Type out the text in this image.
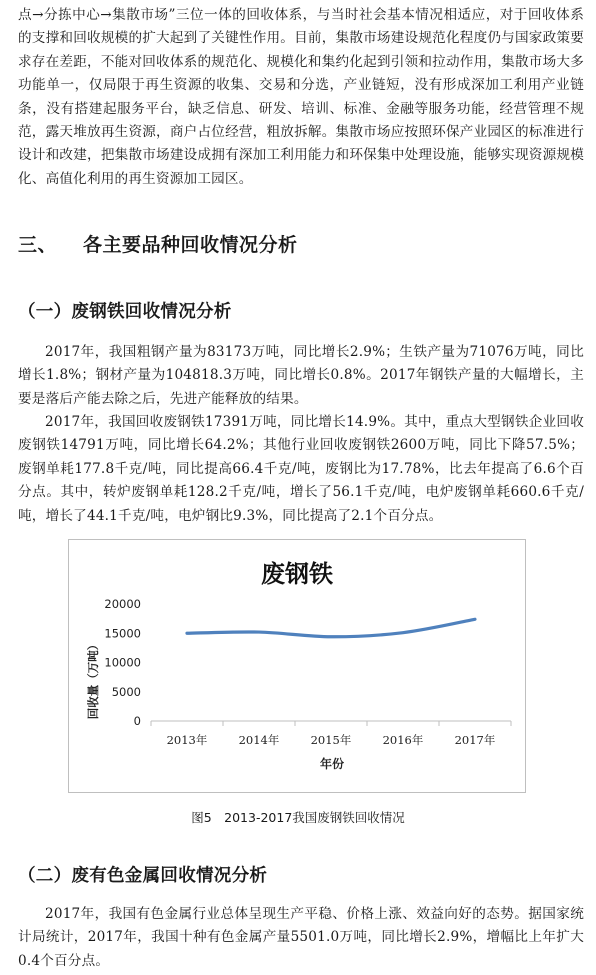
点→分拣中心→集散市场”三位一体的回收体系，与当时社会基本情况相适应，对于回收体系的支撑和回收规模的扩大起到了关键性作用。目前，集散市场建设规范化程度仍与国家政策要求存在差距，不能对回收体系的规范化、规模化和集约化起到引领和拉动作用，集散市场大多功能单一，仅局限于再生资源的收集、交易和分选，产业链短，没有形成深加工利用产业链条，没有搭建起服务平台，缺乏信息、研发、培训、标准、金融等服务功能，经营管理不规范，露天堆放再生资源，商户占位经营，粗放拆解。集散市场应按照环保产业园区的标准进行设计和改建，把集散市场建设成拥有深加工利用能力和环保集中处理设施，能够实现资源规模化、高值化利用的再生资源加工园区。

三、 各主要品种回收情况分析
（一）废钢铁回收情况分析

2017年，我国粗钢产量为83173万吨，同比增长2.9%；生铁产量为71076万吨，同比增长1.8%；钢材产量为104818.3万吨，同比增长0.8%。2017年钢铁产量的大幅增长，主要是落后产能去除之后，先进产能释放的结果。

2017年，我国回收废钢铁17391万吨，同比增长14.9%。其中，重点大型钢铁企业回收废钢铁14791万吨，同比增长64.2%；其他行业回收废钢铁2600万吨，同比下降57.5%；废钢单耗177.8千克/吨，同比提高66.4千克/吨，废钢比为17.78%，比去年提高了6.6个百分点。其中，转炉废钢单耗128.2千克/吨，增长了56.1千克/吨，电炉废钢单耗660.6千克/吨，增长了44.1千克/吨，电炉钢比9.3%，同比提高了2.1个百分点。

废钢铁
回收量（万吨）
年份
0
5000
10000
15000
20000
2013年	2014年	2015年	2016年	2017年

图5　2013-2017我国废钢铁回收情况

（二）废有色金属回收情况分析

2017年，我国有色金属行业总体呈现生产平稳、价格上涨、效益向好的态势。据国家统计局统计，2017年，我国十种有色金属产量5501.0万吨，同比增长2.9%，增幅比上年扩大0.4个百分点。
